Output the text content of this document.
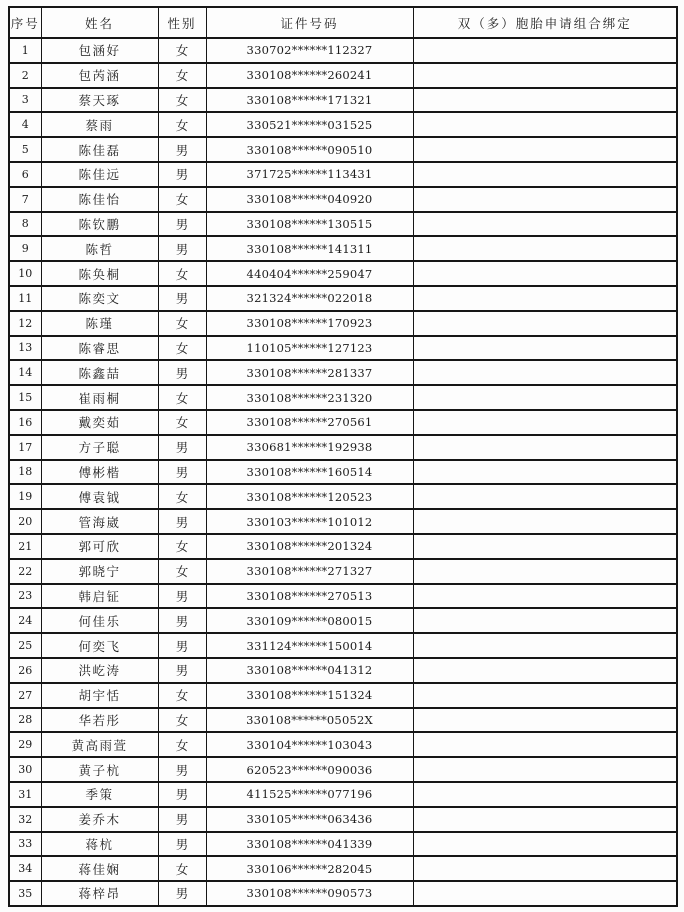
序号	姓名	性别	证件号码	双（多）胞胎申请组合绑定
1	包涵好	女	330702******112327	
2	包芮涵	女	330108******260241	
3	蔡天琢	女	330108******171321	
4	蔡雨	女	330521******031525	
5	陈佳磊	男	330108******090510	
6	陈佳远	男	371725******113431	
7	陈佳怡	女	330108******040920	
8	陈钦鹏	男	330108******130515	
9	陈哲	男	330108******141311	
10	陈奂桐	女	440404******259047	
11	陈奕文	男	321324******022018	
12	陈瑾	女	330108******170923	
13	陈睿思	女	110105******127123	
14	陈鑫喆	男	330108******281337	
15	崔雨桐	女	330108******231320	
16	戴奕茹	女	330108******270561	
17	方子聪	男	330681******192938	
18	傅彬楷	男	330108******160514	
19	傅袁钺	女	330108******120523	
20	管海崴	男	330103******101012	
21	郭可欣	女	330108******201324	
22	郭晓宁	女	330108******271327	
23	韩启钲	男	330108******270513	
24	何佳乐	男	330109******080015	
25	何奕飞	男	331124******150014	
26	洪屹涛	男	330108******041312	
27	胡宇恬	女	330108******151324	
28	华若彤	女	330108******05052X	
29	黄高雨萱	女	330104******103043	
30	黄子杭	男	620523******090036	
31	季策	男	411525******077196	
32	姜乔木	男	330105******063436	
33	蒋杭	男	330108******041339	
34	蒋佳娴	女	330106******282045	
35	蒋梓昂	男	330108******090573	
